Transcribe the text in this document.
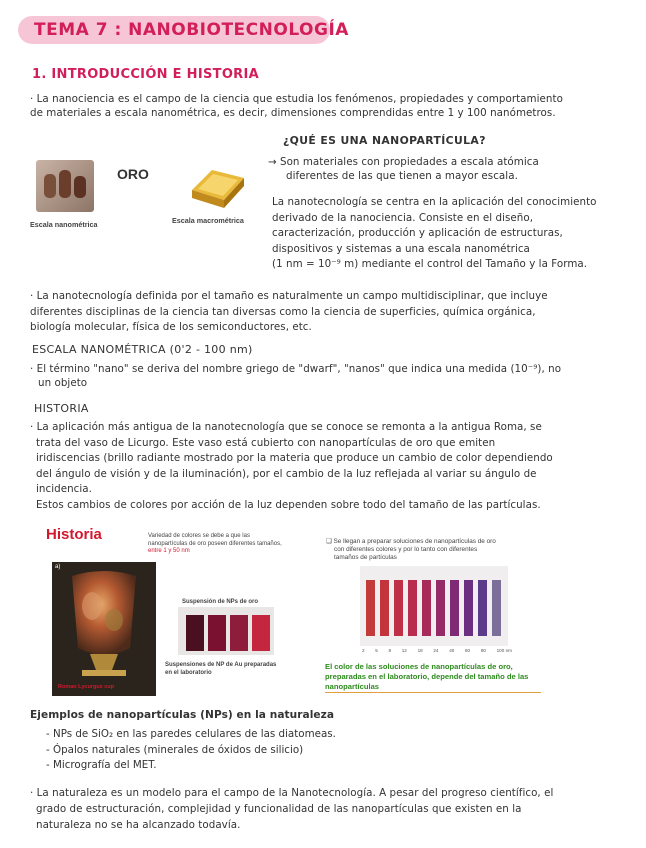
TEMA 7 : NANOBIOTECNOLOGÍA
1. INTRODUCCIÓN E HISTORIA
· La nanociencia es el campo de la ciencia que estudia los fenómenos, propiedades y comportamiento
de materiales a escala nanométrica, es decir, dimensiones comprendidas entre 1 y 100 nanómetros.
Escala nanométrica
ORO
Escala macrométrica
¿QUÉ ES UNA NANOPARTÍCULA?
→ Son materiales con propiedades a escala atómica
diferentes de las que tienen a mayor escala.
La nanotecnología se centra en la aplicación del conocimiento
derivado de la nanociencia. Consiste en el diseño,
caracterización, producción y aplicación de estructuras,
dispositivos y sistemas a una escala nanométrica
(1 nm = 10⁻⁹ m) mediante el control del Tamaño y la Forma.
· La nanotecnología definida por el tamaño es naturalmente un campo multidisciplinar, que incluye
diferentes disciplinas de la ciencia tan diversas como la ciencia de superficies, química orgánica,
biología molecular, física de los semiconductores, etc.
ESCALA NANOMÉTRICA (0'2 - 100 nm)
· El término "nano" se deriva del nombre griego de "dwarf", "nanos" que indica una medida (10⁻⁹), no
un objeto
HISTORIA
· La aplicación más antigua de la nanotecnología que se conoce se remonta a la antigua Roma, se
trata del vaso de Licurgo. Este vaso está cubierto con nanopartículas de oro que emiten
iridiscencias (brillo radiante mostrado por la materia que produce un cambio de color dependiendo
del ángulo de visión y de la iluminación), por el cambio de la luz reflejada al variar su ángulo de
incidencia.
Estos cambios de colores por acción de la luz dependen sobre todo del tamaño de las partículas.
Historia	Variedad de colores se debe a que las
nanopartículas de oro poseen diferentes tamaños,
entre 1 y 50 nm
a)
Roman Lycurgus cup
Suspensión de NPs de oro
Suspensiones de NP de Au preparadas
en el laboratorio
❑ Se llegan a preparar soluciones de nanopartículas de oro
con diferentes colores y por lo tanto con diferentes
tamaños de partículas
2 5 8 12 18 24 40 60 80 100 nm
El color de las soluciones de nanopartículas de oro,
preparadas en el laboratorio, depende del tamaño de las
nanopartículas
Ejemplos de nanopartículas (NPs) en la naturaleza
- NPs de SiO₂ en las paredes celulares de las diatomeas.
- Ópalos naturales (minerales de óxidos de silicio)
- Micrografía del MET.
· La naturaleza es un modelo para el campo de la Nanotecnología. A pesar del progreso científico, el
grado de estructuración, complejidad y funcionalidad de las nanopartículas que existen en la
naturaleza no se ha alcanzado todavía.
